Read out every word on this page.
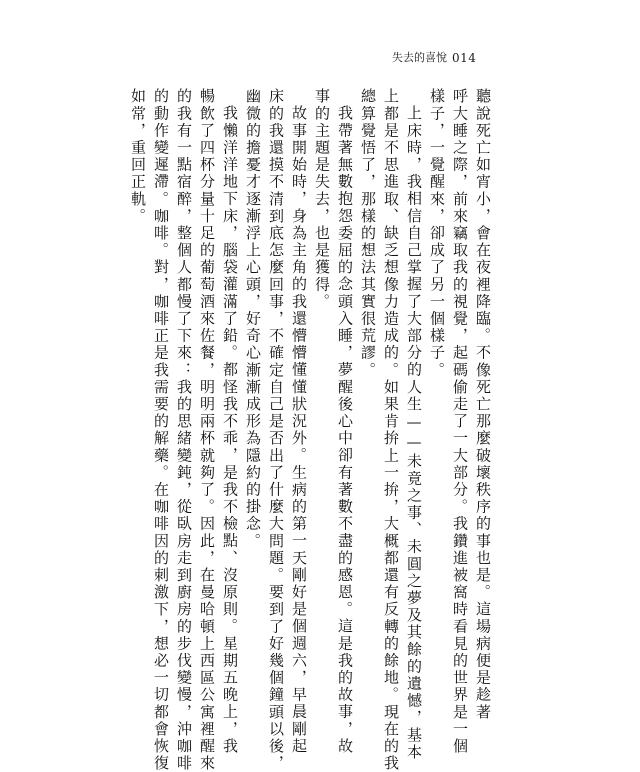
失去的喜悅 014
聽說死亡如宵小，會在夜裡降臨。不像死亡那麼破壞秩序的事也是。這場病便是趁著
呼大睡之際，前來竊取我的視覺，起碼偷走了一大部分。我鑽進被窩時看見的世界是一個
樣子，一覺醒來，卻成了另一個樣子。
上床時，我相信自己掌握了大部分的人生——未竟之事、未圓之夢及其餘的遺憾，基本
上都是不思進取、缺乏想像力造成的。如果肯拚上一拚，大概都還有反轉的餘地。現在的我
總算覺悟了，那樣的想法其實很荒謬。
我帶著無數抱怨委屈的念頭入睡，夢醒後心中卻有著數不盡的感恩。這是我的故事，故
事的主題是失去，也是獲得。
故事開始時，身為主角的我還懵懵懂懂狀況外。生病的第一天剛好是個週六，早晨剛起
床的我還摸不清到底怎麼回事，不確定自己是否出了什麼大問題。要到了好幾個鐘頭以後，
幽微的擔憂才逐漸浮上心頭，好奇心漸漸成形為隱約的掛念。
我懶洋洋地下床，腦袋灌滿了鉛。都怪我不乖，是我不檢點、沒原則。星期五晚上，我
暢飲了四杯分量十足的葡萄酒來佐餐，明明兩杯就夠了。因此，在曼哈頓上西區公寓裡醒來
的我有一點宿醉，整個人都慢了下來：我的思緒變鈍，從臥房走到廚房的步伐變慢，沖咖啡
的動作變遲滯。咖啡。對，咖啡正是我需要的解藥。在咖啡因的刺激下，想必一切都會恢復
如常，重回正軌。
